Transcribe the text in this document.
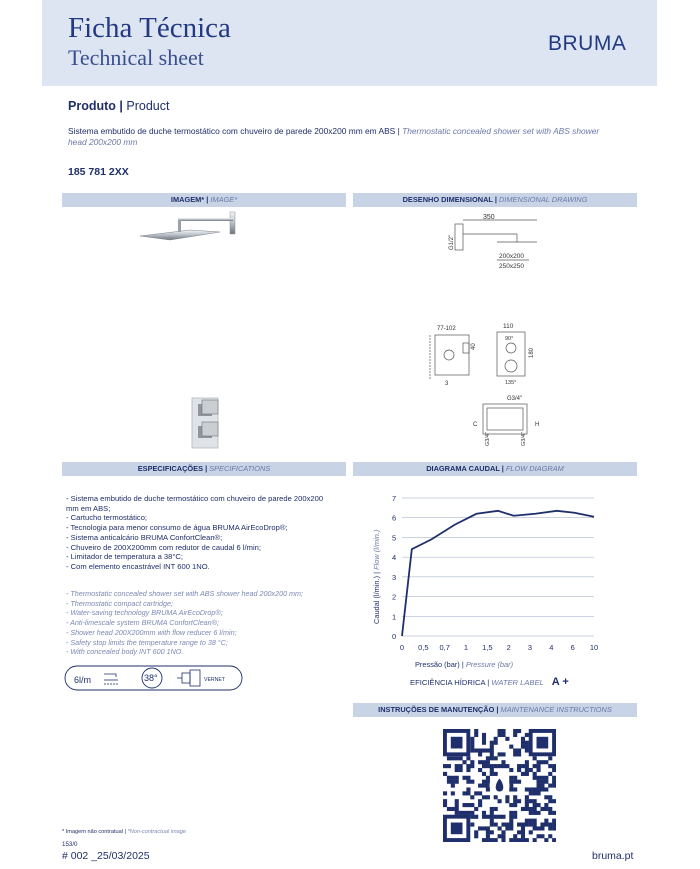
Ficha Técnica
Technical sheet
BRUMA
Produto | Product
Sistema embutido de duche termostático com chuveiro de parede 200x200 mm em ABS | Thermostatic concealed shower set with ABS shower head 200x200 mm
185 781 2XX
IMAGEM* | IMAGE*	DESENHO DIMENSIONAL | DIMENSIONAL DRAWING
ESPECIFICAÇÕES | SPECIFICATIONS	DIAGRAMA CAUDAL | FLOW DIAGRAM
INSTRUÇÕES DE MANUTENÇÃO | MAINTENANCE INSTRUCTIONS
350
G1/2"
200x200
250x250
77-102
40
3
110
90°
180
135°
G3/4"
C	H
G3/4"	G3/4"
- Sistema embutido de duche termostático com chuveiro de parede 200x200 mm em ABS;
- Cartucho termostático;
- Tecnologia para menor consumo de água BRUMA AirEcoDrop®;
- Sistema anticalcário BRUMA ConfortClean®;
- Chuveiro de 200X200mm com redutor de caudal 6 l/min;
- Limitador de temperatura a 38°C;
- Com elemento encastrável INT 600 1NO.
- Thermostatic concealed shower set with ABS shower head 200x200 mm;
- Thermostatic compact cartridge;
- Water-saving technology BRUMA AirEcoDrop®;
- Anti-limescale system BRUMA ConfortClean®;
- Shower head 200X200mm with flow reducer 6 l/min;
- Safety stop limits the temperature range to 38 °C;
- With concealed body INT 600 1NO.
6l/m	38°	VERNET
0
1
2
3
4
5
6
7
0 0,5 0,7 1 1,5 2 3 4 6 10
Caudal (l/min.) | Flow (l/min.)
Pressão (bar) | Pressure (bar)
EFICIÊNCIA HÍDRICA | WATER LABEL A +
* Imagem não contratual | *Non-contractual image
153/0
# 002 _25/03/2025	bruma.pt
